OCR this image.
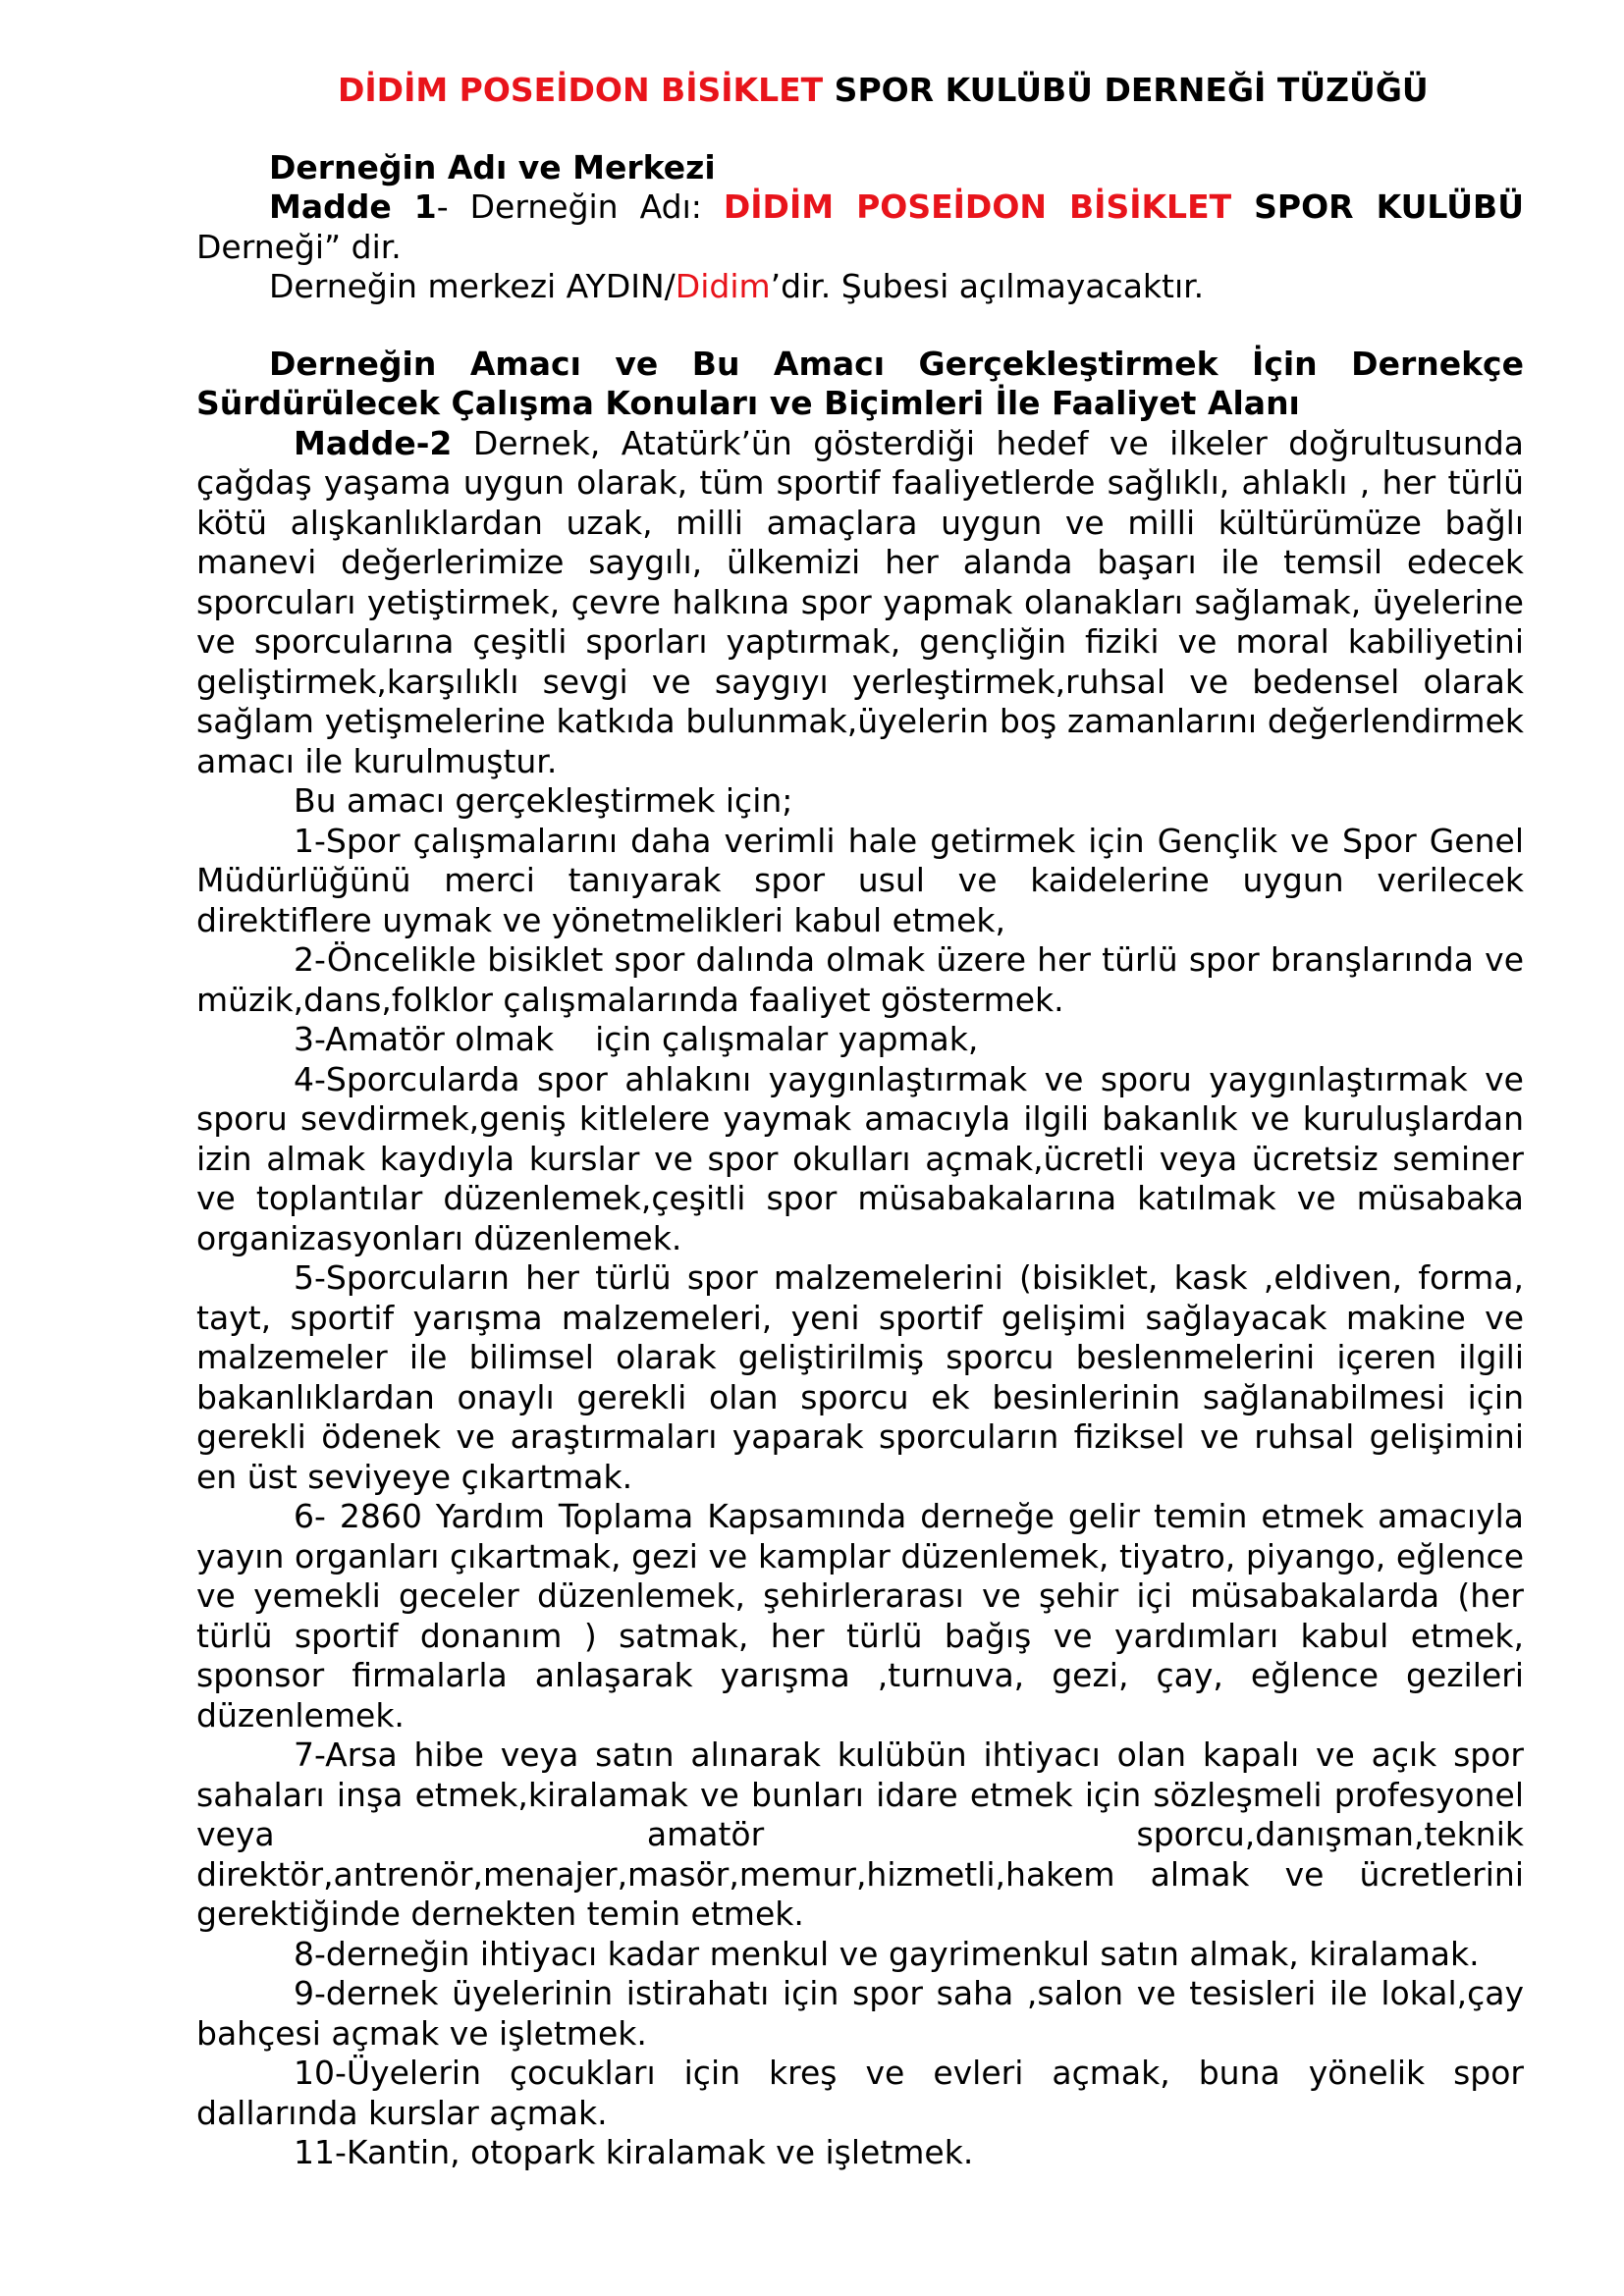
DİDİM POSEİDON BİSİKLET SPOR KULÜBÜ DERNEĞİ TÜZÜĞÜ

Derneğin Adı ve Merkezi

Madde 1- Derneğin Adı: DİDİM POSEİDON BİSİKLET SPOR KULÜBÜ

Derneği” dir.

Derneğin merkezi AYDIN/Didim’dir. Şubesi açılmayacaktır.

Derneğin Amacı ve Bu Amacı Gerçekleştirmek İçin Dernekçe

Sürdürülecek Çalışma Konuları ve Biçimleri İle Faaliyet Alanı

Madde-2 Dernek, Atatürk’ün gösterdiği hedef ve ilkeler doğrultusunda çağdaş yaşama uygun olarak, tüm sportif faaliyetlerde sağlıklı, ahlaklı , her türlü kötü alışkanlıklardan uzak, milli amaçlara uygun ve milli kültürümüze bağlı manevi değerlerimize saygılı, ülkemizi her alanda başarı ile temsil edecek sporcuları yetiştirmek, çevre halkına spor yapmak olanakları sağlamak, üyelerine ve sporcularına çeşitli sporları yaptırmak, gençliğin fiziki ve moral kabiliyetini geliştirmek,karşılıklı sevgi ve saygıyı yerleştirmek,ruhsal ve bedensel olarak sağlam yetişmelerine katkıda bulunmak,üyelerin boş zamanlarını değerlendirmek amacı ile kurulmuştur.

Bu amacı gerçekleştirmek için;

1-Spor çalışmalarını daha verimli hale getirmek için Gençlik ve Spor Genel Müdürlüğünü merci tanıyarak spor usul ve kaidelerine uygun verilecek direktiflere uymak ve yönetmelikleri kabul etmek,

2-Öncelikle bisiklet spor dalında olmak üzere her türlü spor branşlarında ve müzik,dans,folklor çalışmalarında faaliyet göstermek.

3-Amatör olmak    için çalışmalar yapmak,

4-Sporcularda spor ahlakını yaygınlaştırmak ve sporu yaygınlaştırmak ve sporu sevdirmek,geniş kitlelere yaymak amacıyla ilgili bakanlık ve kuruluşlardan izin almak kaydıyla kurslar ve spor okulları açmak,ücretli veya ücretsiz seminer ve toplantılar düzenlemek,çeşitli spor müsabakalarına katılmak ve müsabaka organizasyonları düzenlemek.

5-Sporcuların her türlü spor malzemelerini (bisiklet, kask ,eldiven, forma, tayt, sportif yarışma malzemeleri, yeni sportif gelişimi sağlayacak makine ve malzemeler ile bilimsel olarak geliştirilmiş sporcu beslenmelerini içeren ilgili bakanlıklardan onaylı gerekli olan sporcu ek besinlerinin sağlanabilmesi için gerekli ödenek ve araştırmaları yaparak sporcuların fiziksel ve ruhsal gelişimini en üst seviyeye çıkartmak.

6- 2860 Yardım Toplama Kapsamında derneğe gelir temin etmek amacıyla yayın organları çıkartmak, gezi ve kamplar düzenlemek, tiyatro, piyango, eğlence ve yemekli geceler düzenlemek, şehirlerarası ve şehir içi müsabakalarda (her türlü sportif donanım ) satmak, her türlü bağış ve yardımları kabul etmek, sponsor firmalarla anlaşarak yarışma ,turnuva, gezi, çay, eğlence gezileri düzenlemek.

7-Arsa hibe veya satın alınarak kulübün ihtiyacı olan kapalı ve açık spor sahaları inşa etmek,kiralamak ve bunları idare etmek için sözleşmeli profesyonel veya amatör sporcu,danışman,teknik direktör,antrenör,menajer,masör,memur,hizmetli,hakem almak ve ücretlerini gerektiğinde dernekten temin etmek.

8-derneğin ihtiyacı kadar menkul ve gayrimenkul satın almak, kiralamak.

9-dernek üyelerinin istirahatı için spor saha ,salon ve tesisleri ile lokal,çay bahçesi açmak ve işletmek.

10-Üyelerin çocukları için kreş ve evleri açmak, buna yönelik spor dallarında kurslar açmak.

11-Kantin, otopark kiralamak ve işletmek.
